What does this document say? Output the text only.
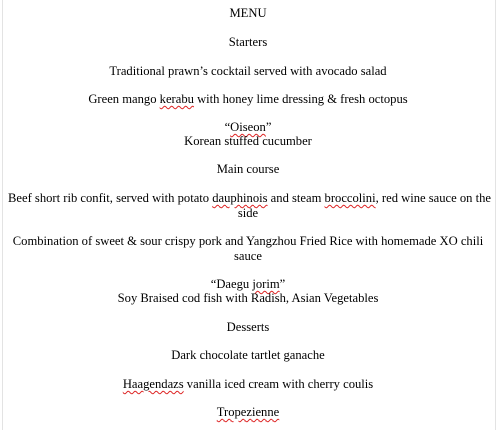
MENU
Starters
Traditional prawn’s cocktail served with avocado salad
Green mango kerabu with honey lime dressing & fresh octopus
“Oiseon”
Korean stuffed cucumber
Main course
Beef short rib confit, served with potato dauphinois and steam broccolini, red wine sauce on the
side
Combination of sweet & sour crispy pork and Yangzhou Fried Rice with homemade XO chili
sauce
“Daegu jorim”
Soy Braised cod fish with Radish, Asian Vegetables
Desserts
Dark chocolate tartlet ganache
Haagendazs vanilla iced cream with cherry coulis
Tropezienne
